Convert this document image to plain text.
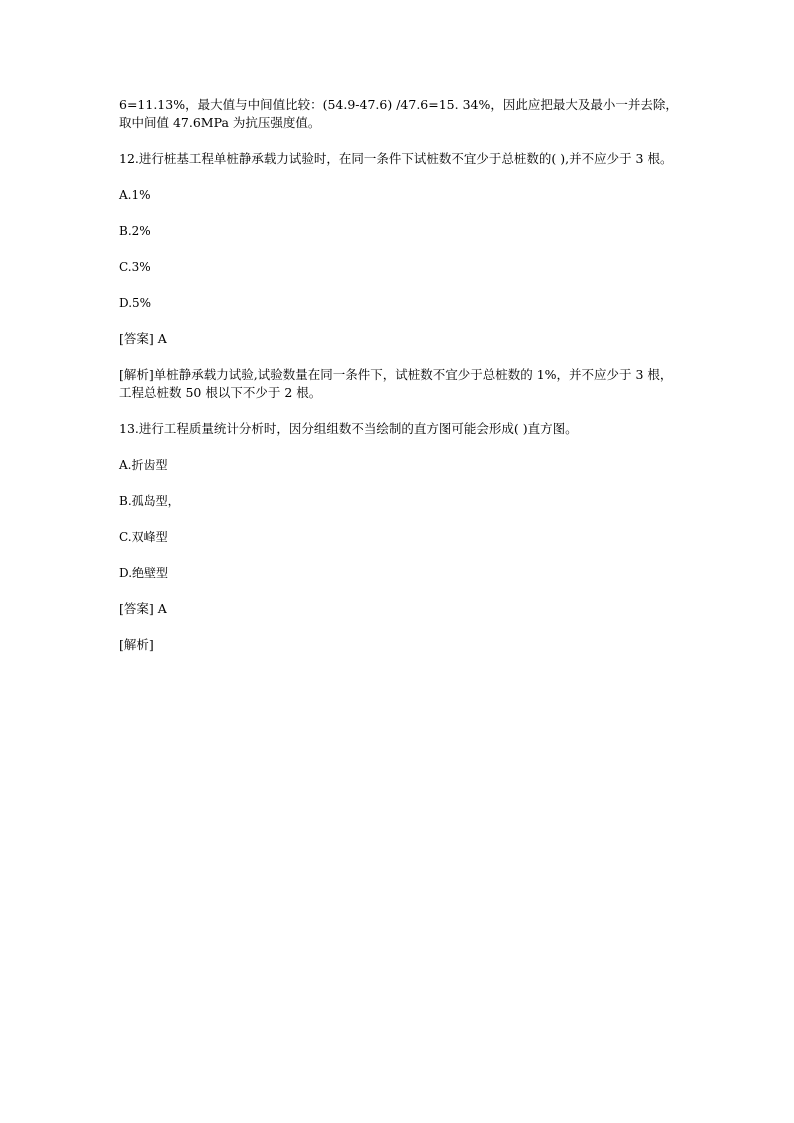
6=11.13%，最大值与中间值比较：(54.9-47.6) /47.6=15. 34%，因此应把最大及最小一并去除，取中间值 47.6MPa 为抗压强度值。

12.进行桩基工程单桩静承载力试验时，在同一条件下试桩数不宜少于总桩数的( ),并不应少于 3 根。

A.1%

B.2%

C.3%

D.5%

[答案] A

[解析]单桩静承载力试验,试验数量在同一条件下，试桩数不宜少于总桩数的 1%，并不应少于 3 根，工程总桩数 50 根以下不少于 2 根。

13.进行工程质量统计分析时，因分组组数不当绘制的直方图可能会形成( )直方图。

A.折齿型

B.孤岛型，

C.双峰型

D.绝壁型

[答案] A

[解析]
